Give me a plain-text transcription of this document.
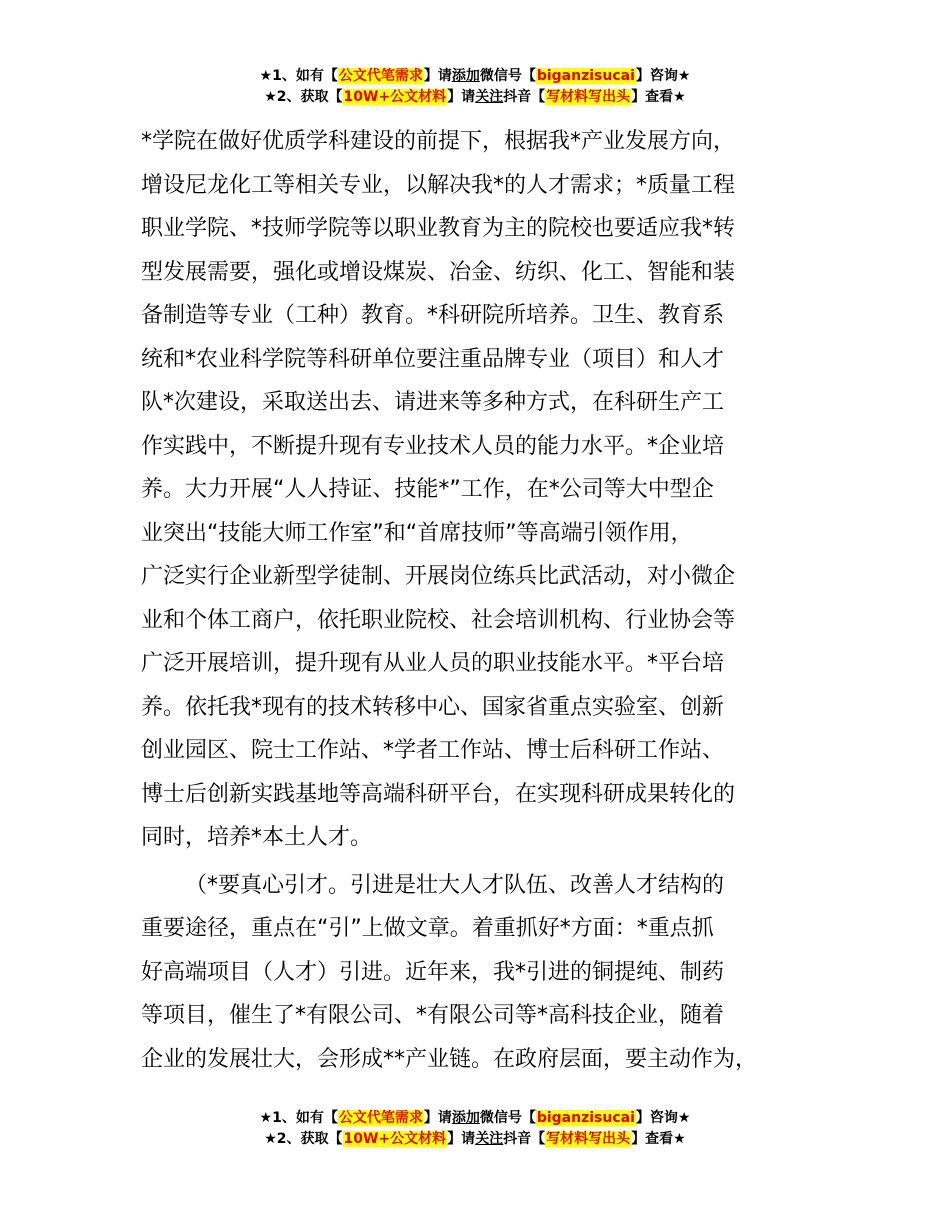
★1、如有【公文代笔需求】请添加微信号【biganzisucai】咨询★
★2、获取【10W+公文材料】请关注抖音【写材料写出头】查看★
*学院在做好优质学科建设的前提下，根据我*产业发展方向，
增设尼龙化工等相关专业，以解决我*的人才需求；*质量工程
职业学院、*技师学院等以职业教育为主的院校也要适应我*转
型发展需要，强化或增设煤炭、冶金、纺织、化工、智能和装
备制造等专业（工种）教育。*科研院所培养。卫生、教育系
统和*农业科学院等科研单位要注重品牌专业（项目）和人才
队*次建设，采取送出去、请进来等多种方式，在科研生产工
作实践中，不断提升现有专业技术人员的能力水平。*企业培
养。大力开展“人人持证、技能*”工作，在*公司等大中型企
业突出“技能大师工作室”和“首席技师”等高端引领作用，
广泛实行企业新型学徒制、开展岗位练兵比武活动，对小微企
业和个体工商户，依托职业院校、社会培训机构、行业协会等
广泛开展培训，提升现有从业人员的职业技能水平。*平台培
养。依托我*现有的技术转移中心、国家省重点实验室、创新
创业园区、院士工作站、*学者工作站、博士后科研工作站、
博士后创新实践基地等高端科研平台，在实现科研成果转化的
同时，培养*本土人才。
（*要真心引才。引进是壮大人才队伍、改善人才结构的
重要途径，重点在“引”上做文章。着重抓好*方面：*重点抓
好高端项目（人才）引进。近年来，我*引进的铜提纯、制药
等项目，催生了*有限公司、*有限公司等*高科技企业，随着
企业的发展壮大，会形成**产业链。在政府层面，要主动作为，
★1、如有【公文代笔需求】请添加微信号【biganzisucai】咨询★
★2、获取【10W+公文材料】请关注抖音【写材料写出头】查看★
